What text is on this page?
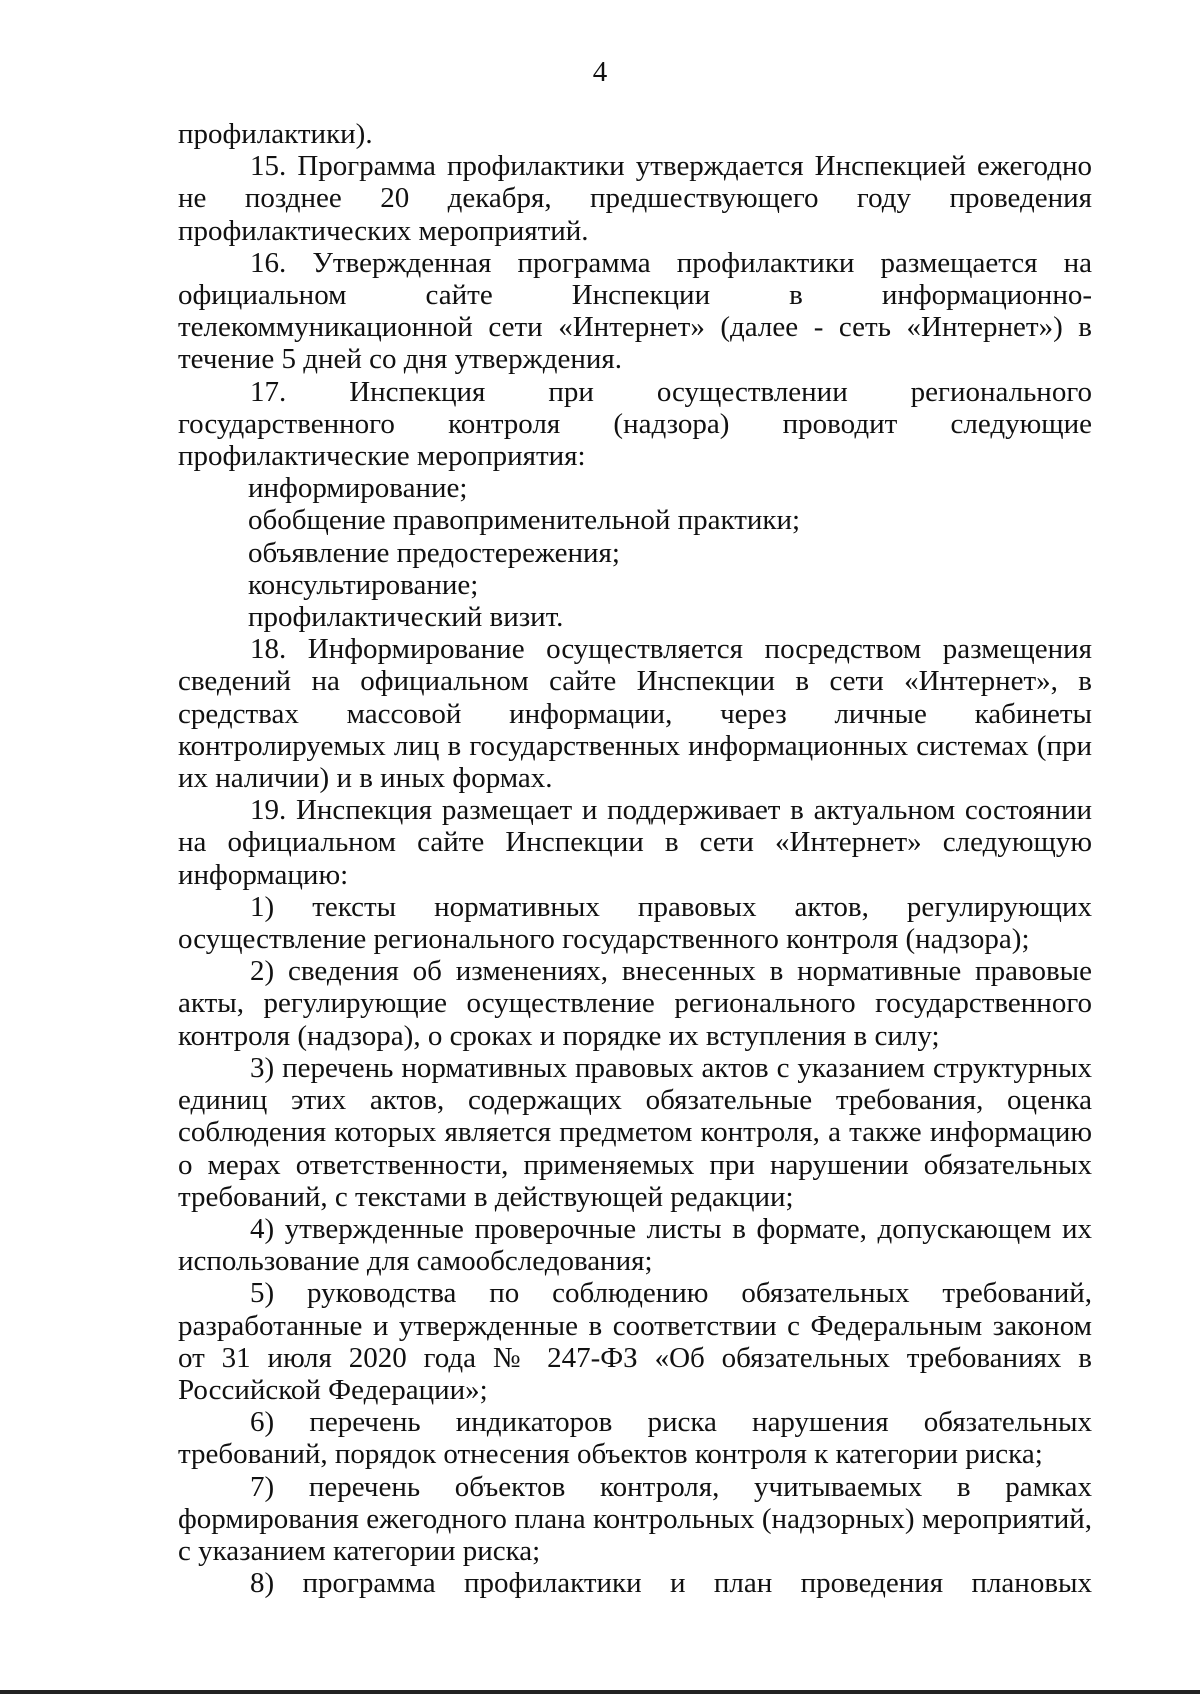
4

профилактики).

15. Программа профилактики утверждается Инспекцией ежегодно не позднее 20 декабря, предшествующего году проведения профилактических мероприятий.

16. Утвержденная программа профилактики размещается на официальном сайте Инспекции в информационно-телекоммуникационной сети «Интернет» (далее - сеть «Интернет») в течение 5 дней со дня утверждения.

17. Инспекция при осуществлении регионального государственного контроля (надзора) проводит следующие профилактические мероприятия:

информирование;

обобщение правоприменительной практики;

объявление предостережения;

консультирование;

профилактический визит.

18. Информирование осуществляется посредством размещения сведений на официальном сайте Инспекции в сети «Интернет», в средствах массовой информации, через личные кабинеты контролируемых лиц в государственных информационных системах (при их наличии) и в иных формах.

19. Инспекция размещает и поддерживает в актуальном состоянии на официальном сайте Инспекции в сети «Интернет» следующую информацию:

1) тексты нормативных правовых актов, регулирующих осуществление регионального государственного контроля (надзора);

2) сведения об изменениях, внесенных в нормативные правовые акты, регулирующие осуществление регионального государственного контроля (надзора), о сроках и порядке их вступления в силу;

3) перечень нормативных правовых актов с указанием структурных единиц этих актов, содержащих обязательные требования, оценка соблюдения которых является предметом контроля, а также информацию о мерах ответственности, применяемых при нарушении обязательных требований, с текстами в действующей редакции;

4) утвержденные проверочные листы в формате, допускающем их использование для самообследования;

5) руководства по соблюдению обязательных требований, разработанные и утвержденные в соответствии с Федеральным законом от 31 июля 2020 года № 247-ФЗ «Об обязательных требованиях в Российской Федерации»;

6) перечень индикаторов риска нарушения обязательных требований, порядок отнесения объектов контроля к категории риска;

7) перечень объектов контроля, учитываемых в рамках формирования ежегодного плана контрольных (надзорных) мероприятий, с указанием категории риска;

8) программа профилактики и план проведения плановых
